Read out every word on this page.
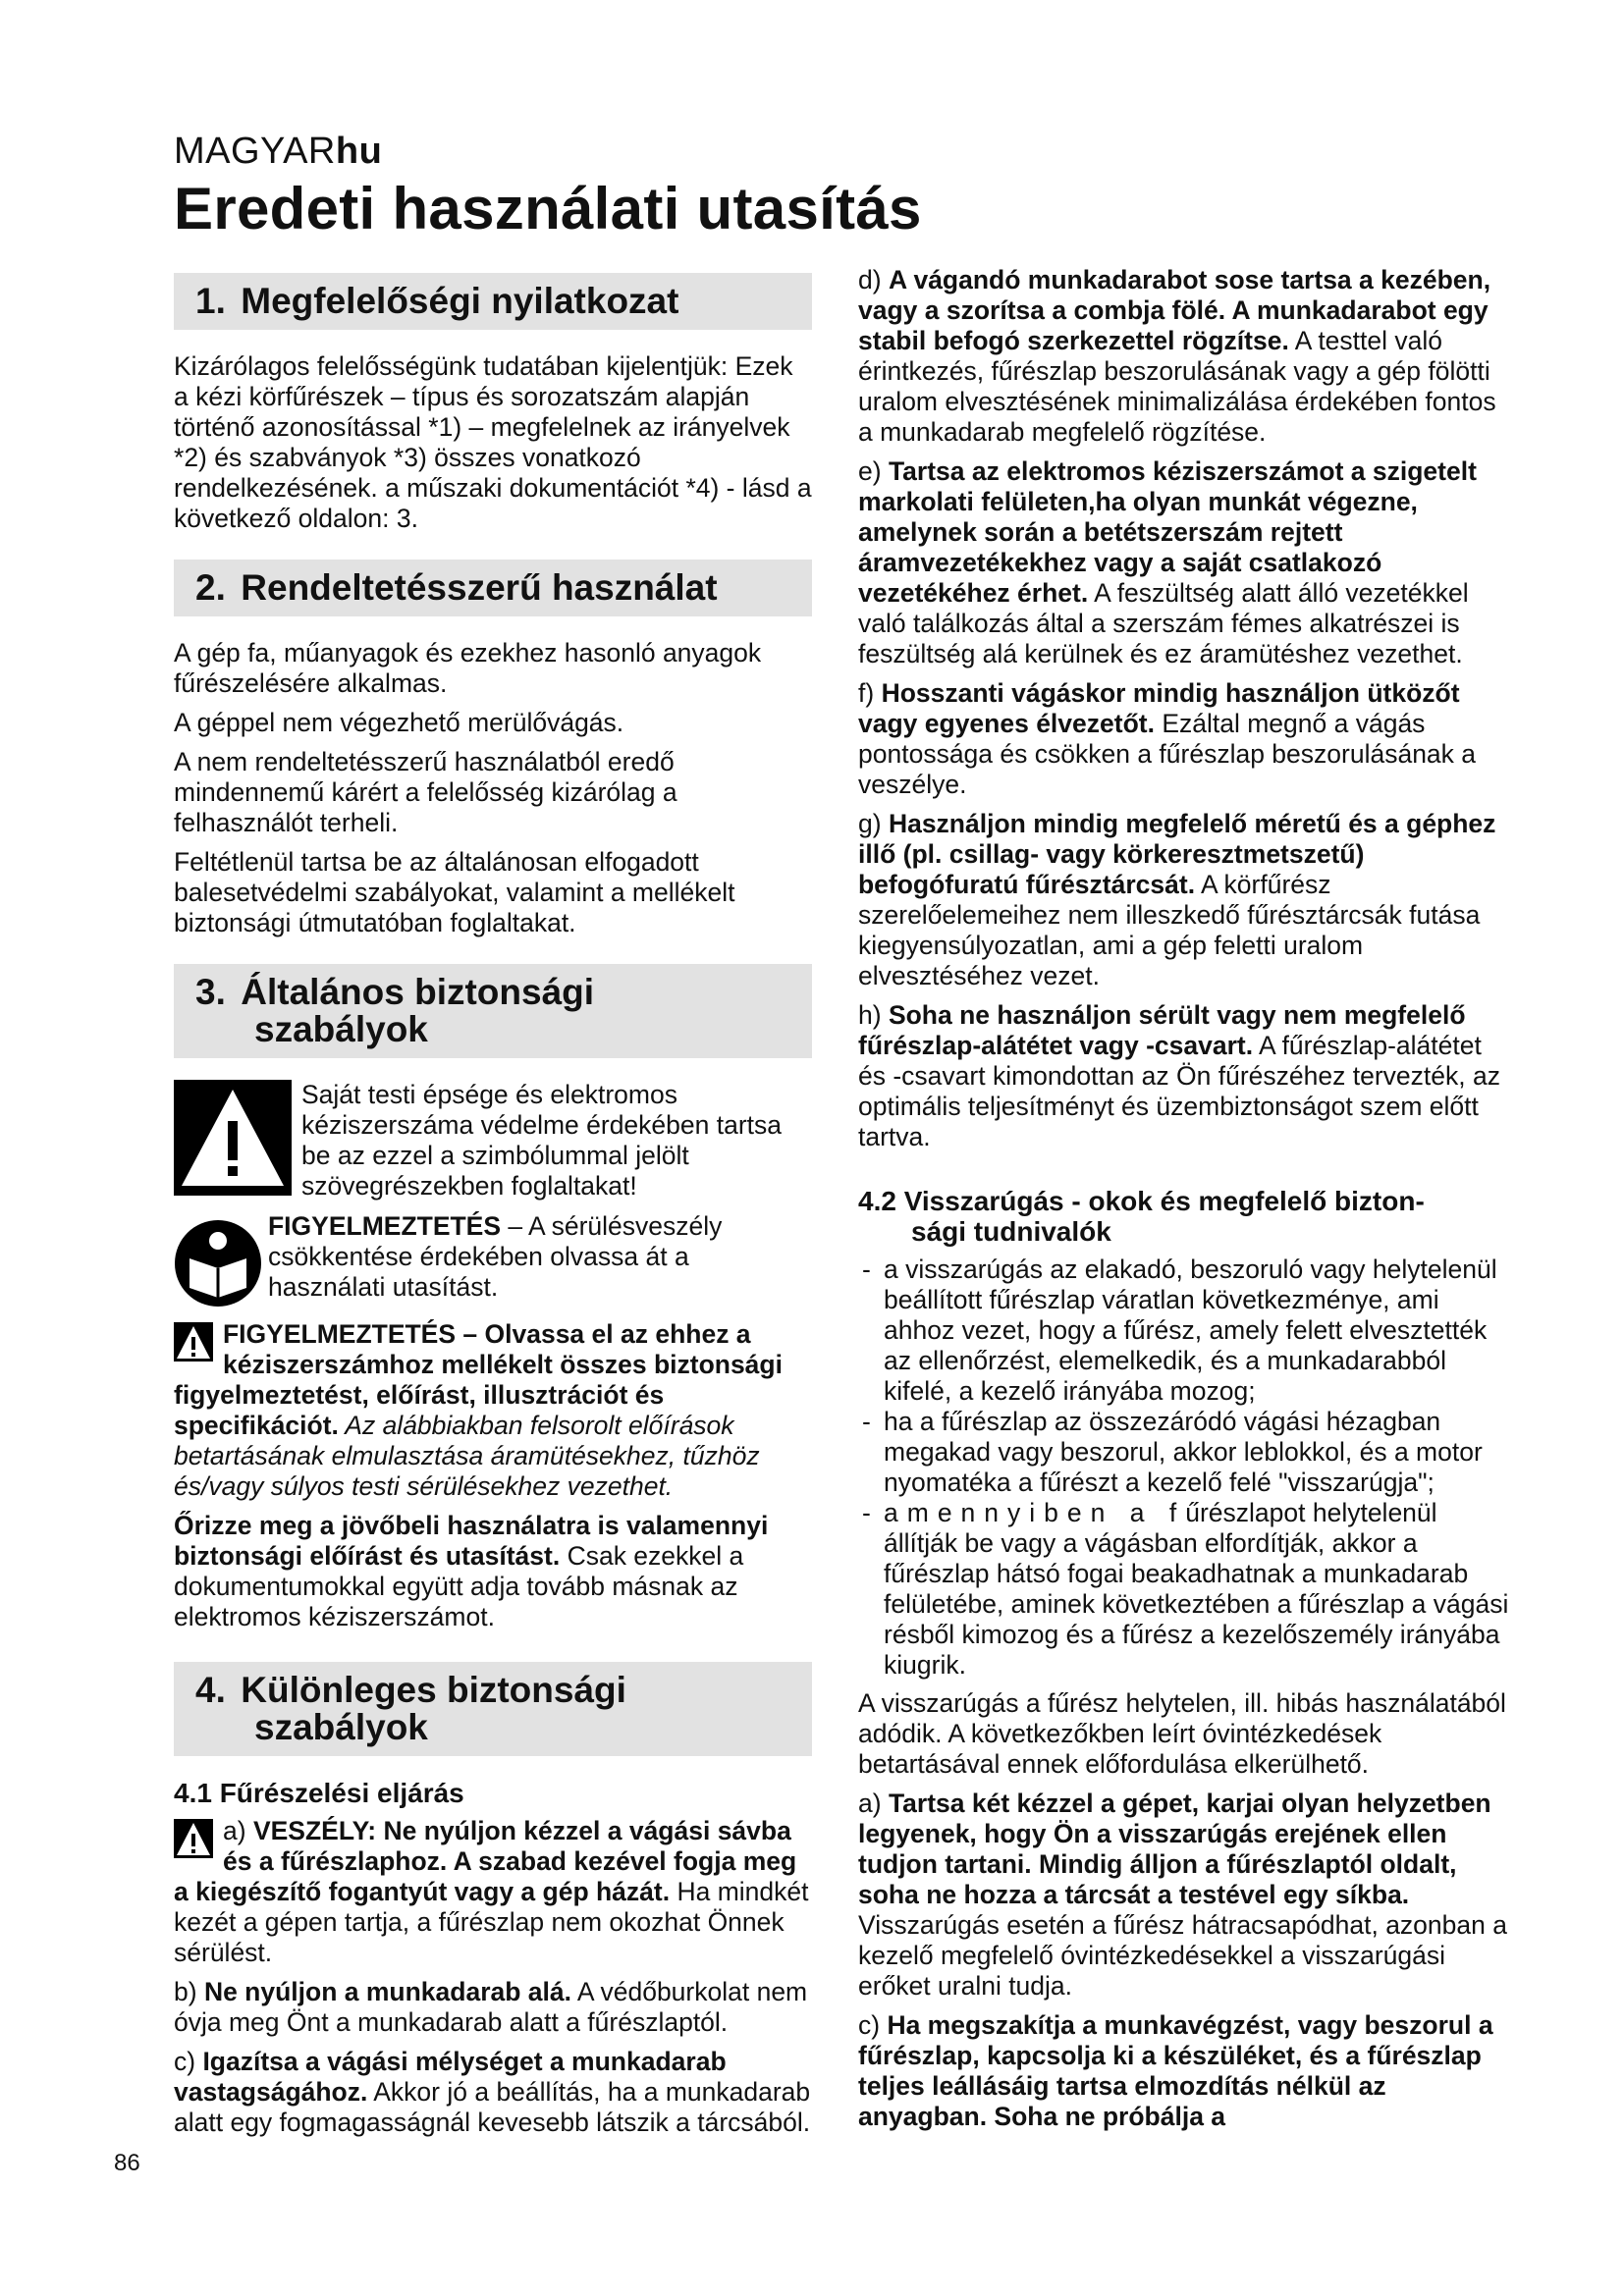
MAGYARhu
Eredeti használati utasítás
1. Megfelelőségi nyilatkozat

Kizárólagos felelősségünk tudatában kijelentjük: Ezek a kézi körfűrészek – típus és sorozatszám alapján történő azonosítással *1) – megfelelnek az irányelvek *2) és szabványok *3) összes vonatkozó rendelkezésének. a műszaki dokumentációt *4) - lásd a következő oldalon: 3.

2. Rendeltetésszerű használat

A gép fa, műanyagok és ezekhez hasonló anyagok fűrészelésére alkalmas.

A géppel nem végezhető merülővágás.

A nem rendeltetésszerű használatból eredő mindennemű kárért a felelősség kizárólag a felhasználót terheli.

Feltétlenül tartsa be az általánosan elfogadott balesetvédelmi szabályokat, valamint a mellékelt biztonsági útmutatóban foglaltakat.

3. Általános biztonsági
szabályok

Saját testi épsége és elektromos kéziszerszáma védelme érdekében tartsa be az ezzel a szimbólummal jelölt szövegrészekben foglaltakat!

FIGYELMEZTETÉS – A sérülésveszély csökkentése érdekében olvassa át a használati utasítást.

FIGYELMEZTETÉS – Olvassa el az ehhez a kéziszerszámhoz mellékelt összes biztonsági figyelmeztetést, előírást, illusztrációt és specifikációt. Az alábbiakban felsorolt előírások betartásának elmulasztása áramütésekhez, tűzhöz és/vagy súlyos testi sérülésekhez vezethet.

Őrizze meg a jövőbeli használatra is valamennyi biztonsági előírást és utasítást. Csak ezekkel a dokumentumokkal együtt adja tovább másnak az elektromos kéziszerszámot.

4. Különleges biztonsági
szabályok
4.1 Fűrészelési eljárás

a) VESZÉLY: Ne nyúljon kézzel a vágási sávba és a fűrészlaphoz. A szabad kezével fogja meg a kiegészítő fogantyút vagy a gép házát. Ha mindkét kezét a gépen tartja, a fűrészlap nem okozhat Önnek sérülést.

b) Ne nyúljon a munkadarab alá. A védőburkolat nem óvja meg Önt a munkadarab alatt a fűrészlaptól.

c) Igazítsa a vágási mélységet a munkadarab vastagságához. Akkor jó a beállítás, ha a munkadarab alatt egy fogmagasságnál kevesebb látszik a tárcsából.

d) A vágandó munkadarabot sose tartsa a kezében, vagy a szorítsa a combja fölé. A munkadarabot egy stabil befogó szerkezettel rögzítse. A testtel való érintkezés, fűrészlap beszorulásának vagy a gép fölötti uralom elvesztésének minimalizálása érdekében fontos a munkadarab megfelelő rögzítése.

e) Tartsa az elektromos kéziszerszámot a szigetelt markolati felületen,ha olyan munkát végezne, amelynek során a betétszerszám rejtett áramvezetékekhez vagy a saját csatlakozó vezetékéhez érhet. A feszültség alatt álló vezetékkel való találkozás által a szerszám fémes alkatrészei is feszültség alá kerülnek és ez áramütéshez vezethet.

f) Hosszanti vágáskor mindig használjon ütközőt vagy egyenes élvezetőt. Ezáltal megnő a vágás pontossága és csökken a fűrészlap beszorulásának a veszélye.

g) Használjon mindig megfelelő méretű és a géphez illő (pl. csillag- vagy körkeresztmetszetű) befogófuratú fűrésztárcsát. A körfűrész szerelőelemeihez nem illeszkedő fűrésztárcsák futása kiegyensúlyozatlan, ami a gép feletti uralom elvesztéséhez vezet.

h) Soha ne használjon sérült vagy nem megfelelő fűrészlap-alátétet vagy -csavart. A fűrészlap-alátétet és -csavart kimondottan az Ön fűrészéhez tervezték, az optimális teljesítményt és üzembiztonságot szem előtt tartva.

4.2 Visszarúgás - okok és megfelelő bizton-
sági tudnivalók
- a visszarúgás az elakadó, beszoruló vagy helytelenül beállított fűrészlap váratlan következménye, ami ahhoz vezet, hogy a fűrész, amely felett elvesztették az ellenőrzést, elemelkedik, és a munkadarabból kifelé, a kezelő irányába mozog;
- ha a fűrészlap az összezáródó vágási hézagban megakad vagy beszorul, akkor leblokkol, és a motor nyomatéka a fűrészt a kezelő felé "visszarúgja";
- amennyiben a fűrészlapot helytelenül állítják be vagy a vágásban elfordítják, akkor a fűrészlap hátsó fogai beakadhatnak a munkadarab felületébe, aminek következtében a fűrészlap a vágási résből kimozog és a fűrész a kezelőszemély irányába kiugrik.

A visszarúgás a fűrész helytelen, ill. hibás használatából adódik. A következőkben leírt óvintézkedések betartásával ennek előfordulása elkerülhető.

a) Tartsa két kézzel a gépet, karjai olyan helyzetben legyenek, hogy Ön a visszarúgás erejének ellen tudjon tartani. Mindig álljon a fűrészlaptól oldalt, soha ne hozza a tárcsát a testével egy síkba. Visszarúgás esetén a fűrész hátracsapódhat, azonban a kezelő megfelelő óvintézkedésekkel a visszarúgási erőket uralni tudja.

c) Ha megszakítja a munkavégzést, vagy beszorul a fűrészlap, kapcsolja ki a készüléket, és a fűrészlap teljes leállásáig tartsa elmozdítás nélkül az anyagban. Soha ne próbálja a

86
